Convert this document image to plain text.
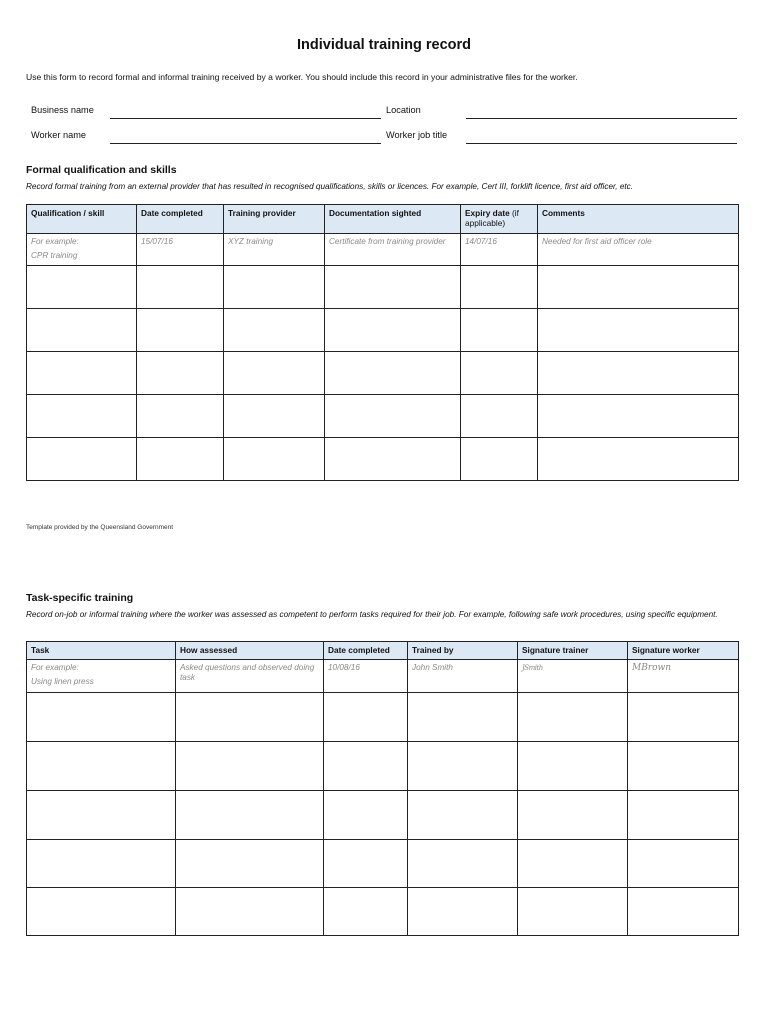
Individual training record
Use this form to record formal and informal training received by a worker. You should include this record in your administrative files for the worker.
Business name	Location
Worker name	Worker job title
Formal qualification and skills
Record formal training from an external provider that has resulted in recognised qualifications, skills or licences. For example, Cert III, forklift licence, first aid officer, etc.
Qualification / skill	Date completed	Training provider	Documentation sighted	Expiry date (if applicable)	Comments
For example:
CPR training	15/07/16	XYZ training	Certificate from training provider	14/07/16	Needed for first aid officer role

Template provided by the Queensland Government
Task-specific training
Record on-job or informal training where the worker was assessed as competent to perform tasks required for their job. For example, following safe work procedures, using specific equipment.
Task	How assessed	Date completed	Trained by	Signature trainer	Signature worker
For example:
Using linen press	Asked questions and observed doing task	10/08/16	John Smith	JSmith	MBrown
